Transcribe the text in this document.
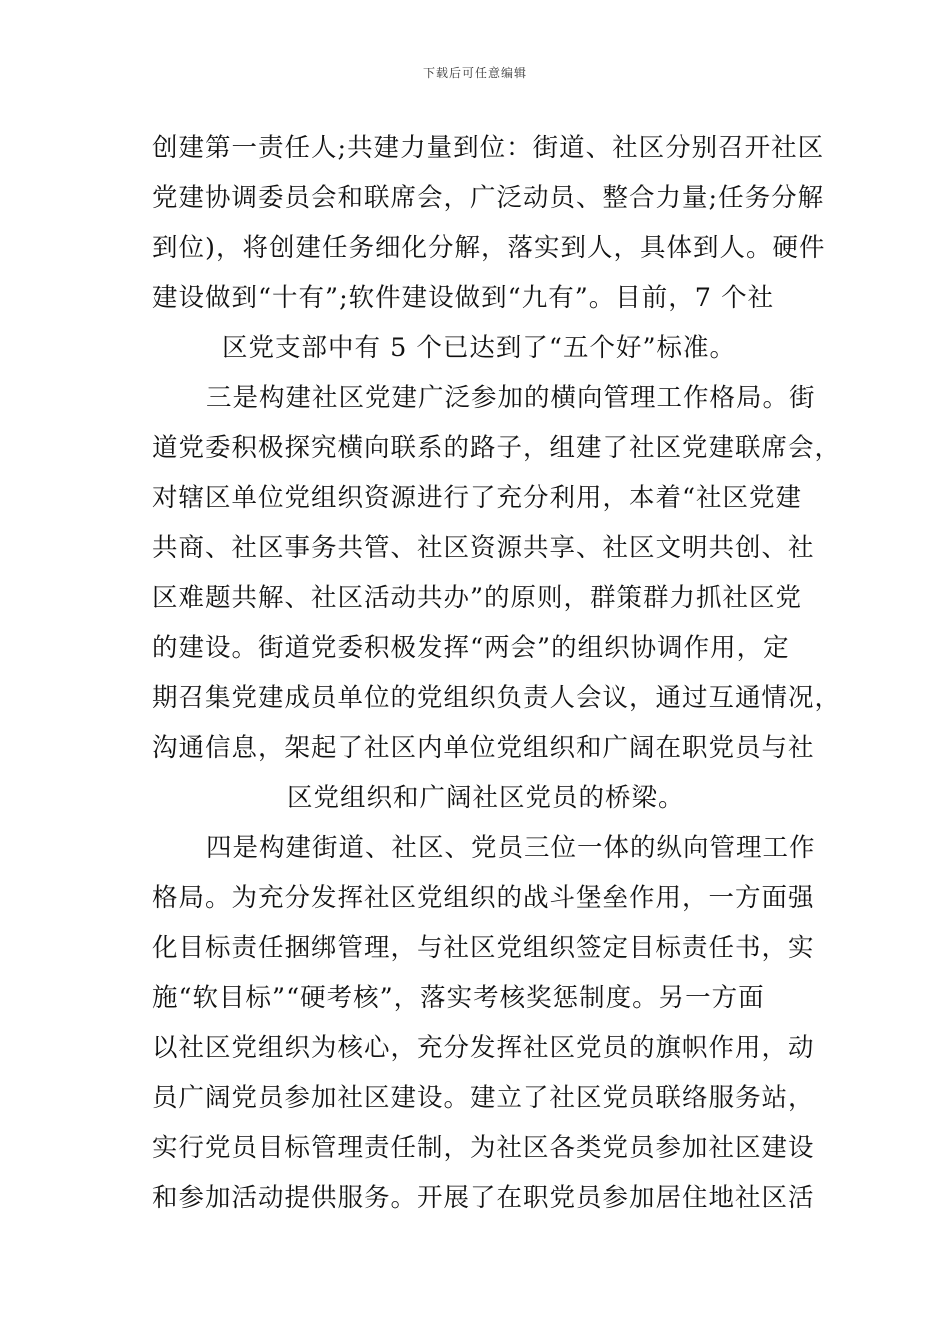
下载后可任意编辑
创建第一责任人;共建力量到位：街道、社区分别召开社区
党建协调委员会和联席会，广泛动员、整合力量;任务分解
到位)，将创建任务细化分解，落实到人，具体到人。硬件
建设做到“十有”;软件建设做到“九有”。目前，7 个社
区党支部中有 5 个已达到了“五个好”标准。
三是构建社区党建广泛参加的横向管理工作格局。街
道党委积极探究横向联系的路子，组建了社区党建联席会，
对辖区单位党组织资源进行了充分利用，本着“社区党建
共商、社区事务共管、社区资源共享、社区文明共创、社
区难题共解、社区活动共办”的原则，群策群力抓社区党
的建设。街道党委积极发挥“两会”的组织协调作用，定
期召集党建成员单位的党组织负责人会议，通过互通情况，
沟通信息，架起了社区内单位党组织和广阔在职党员与社
区党组织和广阔社区党员的桥梁。
四是构建街道、社区、党员三位一体的纵向管理工作
格局。为充分发挥社区党组织的战斗堡垒作用，一方面强
化目标责任捆绑管理，与社区党组织签定目标责任书，实
施“软目标”“硬考核”，落实考核奖惩制度。另一方面
以社区党组织为核心，充分发挥社区党员的旗帜作用，动
员广阔党员参加社区建设。建立了社区党员联络服务站，
实行党员目标管理责任制，为社区各类党员参加社区建设
和参加活动提供服务。开展了在职党员参加居住地社区活
